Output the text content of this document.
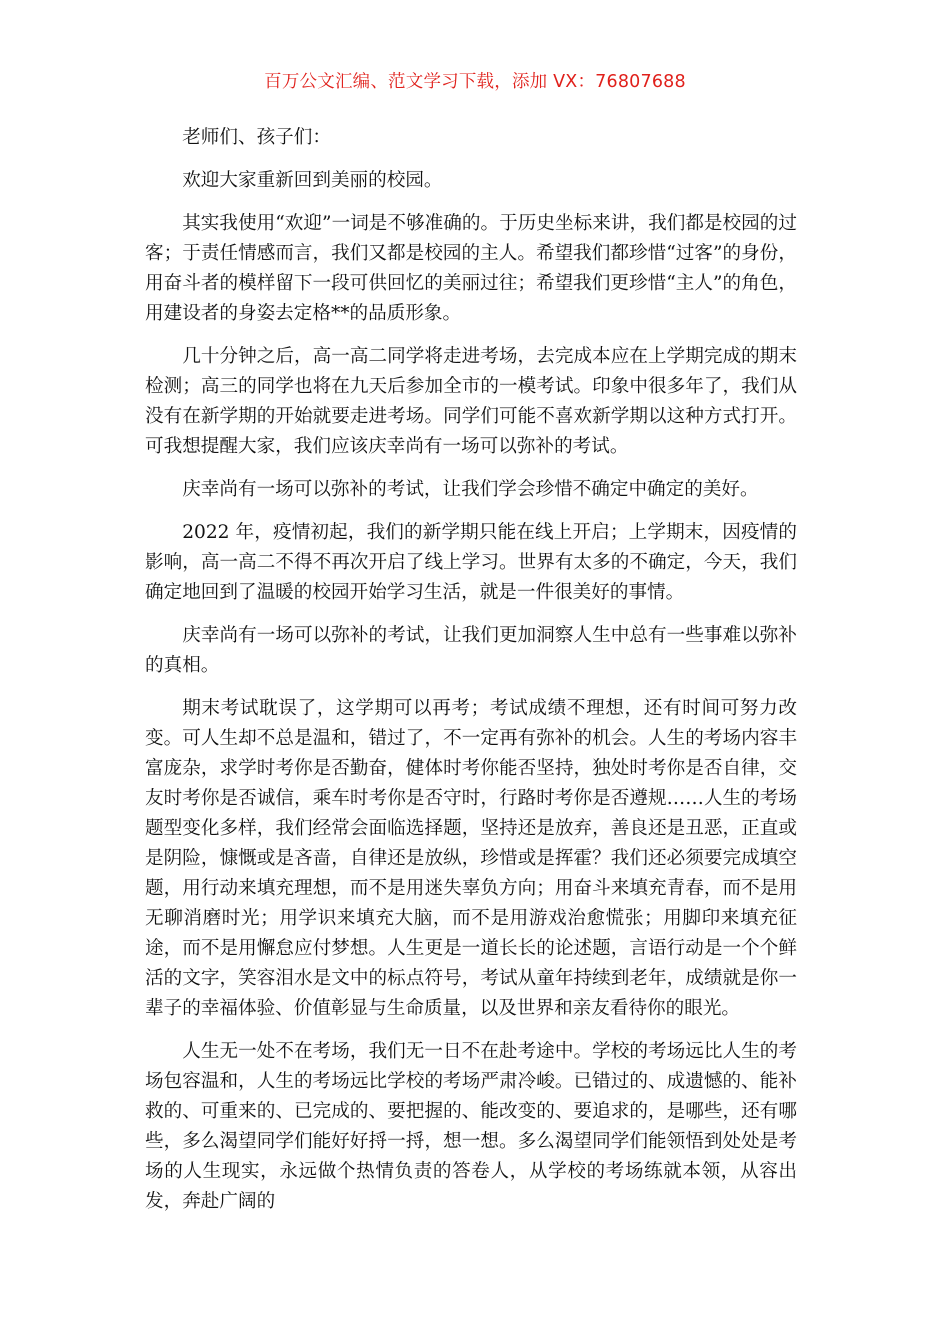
百万公文汇编、范文学习下载，添加 VX：76807688

老师们、孩子们：

欢迎大家重新回到美丽的校园。

其实我使用“欢迎”一词是不够准确的。于历史坐标来讲，我们都是校园的过客；于责任情感而言，我们又都是校园的主人。希望我们都珍惜“过客”的身份，用奋斗者的模样留下一段可供回忆的美丽过往；希望我们更珍惜“主人”的角色，用建设者的身姿去定格**的品质形象。

几十分钟之后，高一高二同学将走进考场，去完成本应在上学期完成的期末检测；高三的同学也将在九天后参加全市的一模考试。印象中很多年了，我们从没有在新学期的开始就要走进考场。同学们可能不喜欢新学期以这种方式打开。可我想提醒大家，我们应该庆幸尚有一场可以弥补的考试。

庆幸尚有一场可以弥补的考试，让我们学会珍惜不确定中确定的美好。

2022 年，疫情初起，我们的新学期只能在线上开启；上学期末，因疫情的影响，高一高二不得不再次开启了线上学习。世界有太多的不确定，今天，我们确定地回到了温暖的校园开始学习生活，就是一件很美好的事情。

庆幸尚有一场可以弥补的考试，让我们更加洞察人生中总有一些事难以弥补的真相。

期末考试耽误了，这学期可以再考；考试成绩不理想，还有时间可努力改变。可人生却不总是温和，错过了，不一定再有弥补的机会。人生的考场内容丰富庞杂，求学时考你是否勤奋，健体时考你能否坚持，独处时考你是否自律，交友时考你是否诚信，乘车时考你是否守时，行路时考你是否遵规……人生的考场题型变化多样，我们经常会面临选择题，坚持还是放弃，善良还是丑恶，正直或是阴险，慷慨或是吝啬，自律还是放纵，珍惜或是挥霍？我们还必须要完成填空题，用行动来填充理想，而不是用迷失辜负方向；用奋斗来填充青春，而不是用无聊消磨时光；用学识来填充大脑，而不是用游戏治愈慌张；用脚印来填充征途，而不是用懈怠应付梦想。人生更是一道长长的论述题，言语行动是一个个鲜活的文字，笑容泪水是文中的标点符号，考试从童年持续到老年，成绩就是你一辈子的幸福体验、价值彰显与生命质量，以及世界和亲友看待你的眼光。

人生无一处不在考场，我们无一日不在赴考途中。学校的考场远比人生的考场包容温和，人生的考场远比学校的考场严肃冷峻。已错过的、成遗憾的、能补救的、可重来的、已完成的、要把握的、能改变的、要追求的，是哪些，还有哪些，多么渴望同学们能好好捋一捋，想一想。多么渴望同学们能领悟到处处是考场的人生现实，永远做个热情负责的答卷人，从学校的考场练就本领，从容出发，奔赴广阔的
